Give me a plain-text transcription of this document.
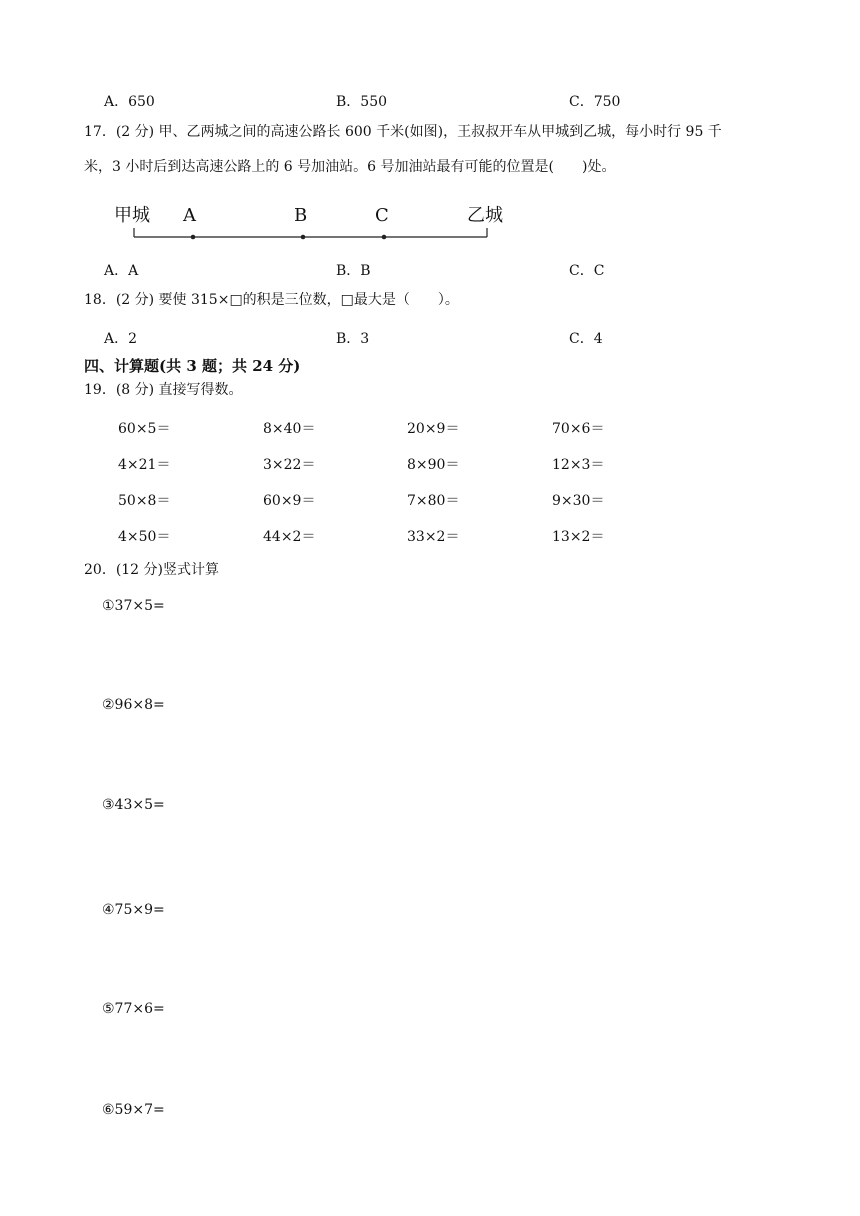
A．650	B．550	C．750
17．(2 分) 甲、乙两城之间的高速公路长 600 千米(如图)，王叔叔开车从甲城到乙城，每小时行 95 千
米，3 小时后到达高速公路上的 6 号加油站。6 号加油站最有可能的位置是(　　)处。
甲城 A	B	C	乙城
A．A	B．B	C．C
18．(2 分) 要使 315×□的积是三位数，□最大是（　　）。
A．2	B．3	C．4
四、计算题(共 3 题；共 24 分)
19．(8 分) 直接写得数。
60×5＝	8×40＝	20×9＝	70×6＝
4×21＝	3×22＝	8×90＝	12×3＝
50×8＝	60×9＝	7×80＝	9×30＝
4×50＝	44×2＝	33×2＝	13×2＝
20．(12 分)竖式计算
①37×5=
②96×8=
③43×5=
④75×9=
⑤77×6=
⑥59×7=
